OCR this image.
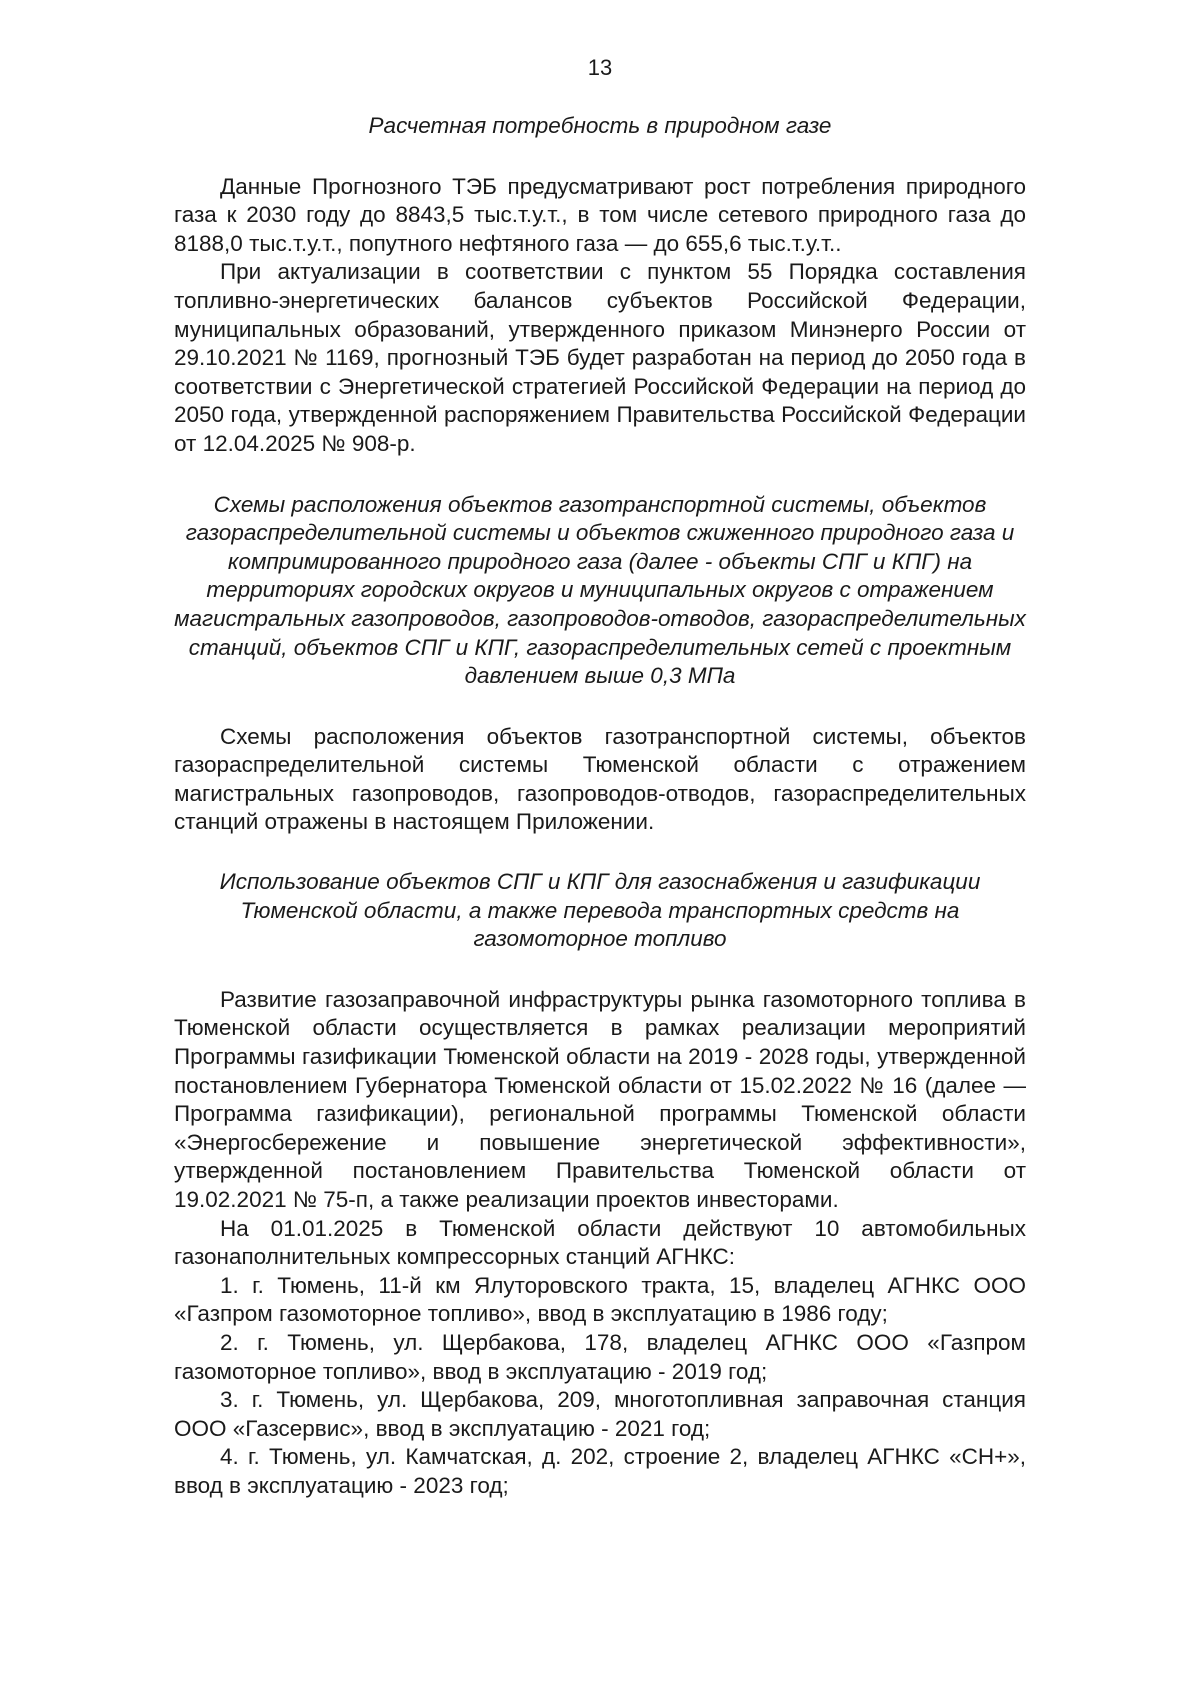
13

Расчетная потребность в природном газе

Данные Прогнозного ТЭБ предусматривают рост потребления природного газа к 2030 году до 8843,5 тыс.т.у.т., в том числе сетевого природного газа до 8188,0 тыс.т.у.т., попутного нефтяного газа — до 655,6 тыс.т.у.т..

При актуализации в соответствии с пунктом 55 Порядка составления топливно-энергетических балансов субъектов Российской Федерации, муниципальных образований, утвержденного приказом Минэнерго России от 29.10.2021 № 1169, прогнозный ТЭБ будет разработан на период до 2050 года в соответствии с Энергетической стратегией Российской Федерации на период до 2050 года, утвержденной распоряжением Правительства Российской Федерации от 12.04.2025 № 908-р.

Схемы расположения объектов газотранспортной системы, объектов газораспределительной системы и объектов сжиженного природного газа и компримированного природного газа (далее - объекты СПГ и КПГ) на территориях городских округов и муниципальных округов с отражением магистральных газопроводов, газопроводов-отводов, газораспределительных станций, объектов СПГ и КПГ, газораспределительных сетей с проектным давлением выше 0,3 МПа

Схемы расположения объектов газотранспортной системы, объектов газораспределительной системы Тюменской области с отражением магистральных газопроводов, газопроводов-отводов, газораспределительных станций отражены в настоящем Приложении.

Использование объектов СПГ и КПГ для газоснабжения и газификации Тюменской области, а также перевода транспортных средств на газомоторное топливо

Развитие газозаправочной инфраструктуры рынка газомоторного топлива в Тюменской области осуществляется в рамках реализации мероприятий Программы газификации Тюменской области на 2019 - 2028 годы, утвержденной постановлением Губернатора Тюменской области от 15.02.2022 № 16 (далее — Программа газификации), региональной программы Тюменской области «Энергосбережение и повышение энергетической эффективности», утвержденной постановлением Правительства Тюменской области от 19.02.2021 № 75-п, а также реализации проектов инвесторами.

На 01.01.2025 в Тюменской области действуют 10 автомобильных газонаполнительных компрессорных станций АГНКС:

1. г. Тюмень, 11-й км Ялуторовского тракта, 15, владелец АГНКС ООО «Газпром газомоторное топливо», ввод в эксплуатацию в 1986 году;

2. г. Тюмень, ул. Щербакова, 178, владелец АГНКС ООО «Газпром газомоторное топливо», ввод в эксплуатацию - 2019 год;

3. г. Тюмень, ул. Щербакова, 209, многотопливная заправочная станция ООО «Газсервис», ввод в эксплуатацию - 2021 год;

4. г. Тюмень, ул. Камчатская, д. 202, строение 2, владелец АГНКС «СН+», ввод в эксплуатацию - 2023 год;
